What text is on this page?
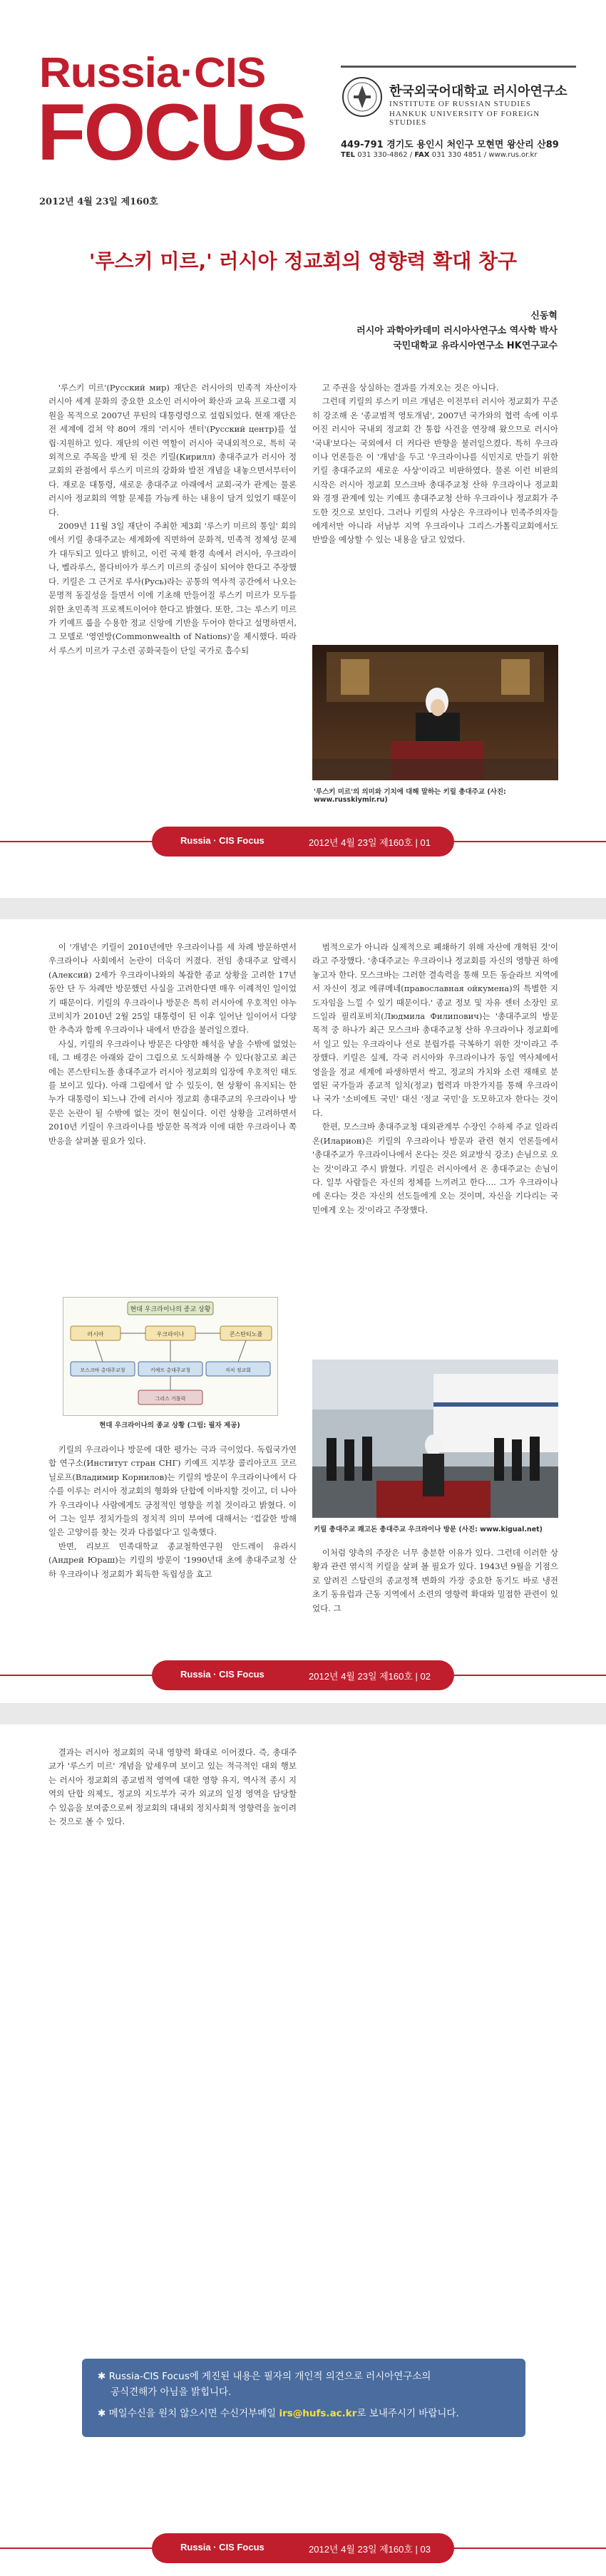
Russia·CIS
FOCUS	한국외국어대학교 러시아연구소
INSTITUTE OF RUSSIAN STUDIES
HANKUK UNIVERSITY OF FOREIGN STUDIES
449-791 경기도 용인시 처인구 모현면 왕산리 산89
TEL 031 330-4862 / FAX 031 330 4851 / www.rus.or.kr
2012년 4월 23일 제160호
'루스키 미르,' 러시아 정교회의 영향력 확대 창구
신동혁
러시아 과학아카데미 러시아사연구소 역사학 박사
국민대학교 유라시아연구소 HK연구교수

'루스키 미르'(Русский мир) 재단은 러시아의 민족적 자산이자 러시아 세계 문화의 중요한 요소인 러시아어 확산과 교육 프로그램 지원을 목적으로 2007년 푸틴의 대통령령으로 설립되었다. 현재 재단은 전 세계에 걸쳐 약 80여 개의 '러시아 센터'(Русский центр)를 설립·지원하고 있다. 재단의 이런 역할이 러시아 국내외적으로, 특히 국외적으로 주목을 받게 된 것은 키릴(Кирилл) 총대주교가 러시아 정교회의 관점에서 루스키 미르의 강화와 발전 개념을 내놓으면서부터이다. 재로운 대통령, 새로운 총대주교 아래에서 교회-국가 관계는 물론 러시아 정교회의 역할 문제를 가늠케 하는 내용이 담겨 있었기 때문이다.

2009년 11월 3일 재단이 주최한 제3회 '루스키 미르의 통일' 회의에서 키릴 총대주교는 세계화에 직면하여 문화적, 민족적 정체성 문제가 대두되고 있다고 밝히고, 이런 국제 환경 속에서 러시아, 우크라이나, 벨라루스, 몰다비아가 루스키 미르의 중심이 되어야 한다고 주장했다. 키릴은 그 근거로 루사(Русь)라는 공통의 역사적 공간에서 나오는 문명적 동질성을 들면서 이에 기초해 만들어질 루스키 미르가 모두를 위한 초민족적 프로젝트이어야 한다고 밝혔다. 또한, 그는 루스키 미르가 키예프 룹을 수용한 정교 신앙에 기반을 두어야 한다고 설명하면서, 그 모델로 '영연방(Commonwealth of Nations)'을 제시했다. 따라서 루스키 미르가 구소련 공화국들이 단일 국가로 흡수되

고 주권을 상실하는 결과를 가져오는 것은 아니다.

그런데 키릴의 루스키 미르 개념은 이전부터 러시아 정교회가 꾸준히 강조해 온 '종교범적 영토개념', 2007년 국가와의 협력 속에 이루어진 러시아 국내외 정교회 간 통합 사건을 연장해 왔으므로 러시아 '국내'보다는 국외에서 더 커다란 반향을 불러일으켰다. 특히 우크라이나 언론들은 이 '개념'을 두고 '우크라이나를 식민지로 만들기 위한 키릴 총대주교의 새로운 사상'이라고 비판하였다. 물론 이런 비판의 시작은 러시아 정교회 모스크바 총대주교청 산하 우크라이나 정교회와 경쟁 관계에 있는 키예프 총대주교청 산하 우크라이나 정교회가 주도한 것으로 보인다. 그러나 키릴의 사상은 우크라이나 민족주의자들에게서만 아니라 서남부 지역 우크라이나 그리스-가톨릭교회에서도 반발을 예상할 수 있는 내용을 담고 있었다.

'루스키 미르'의 의미와 기치에 대해 말하는 키릴 총대주교 (사진: www.russkiymir.ru)
Russia · CIS Focus	2012년 4월 23일 제160호 | 01

이 '개념'은 키릴이 2010년에만 우크라이나를 세 차례 방문하면서 우크라이나 사회에서 논란이 더욱더 커졌다. 전임 총대주교 알렉시(Алексий) 2세가 우크라이나와의 복잡한 종교 상황을 고려한 17년 동안 단 두 차례만 방문했던 사실을 고려한다면 매우 이례적인 일이었기 때문이다. 키릴의 우크라이나 방문은 특히 러시아에 우호적인 야누코비치가 2010년 2월 25일 대통령이 된 이후 일어난 일이어서 다양한 추측과 함께 우크라이나 내에서 반감을 불러일으켰다.

사실, 키릴의 우크라이나 방문은 다양한 해석을 낳을 수밖에 없었는데, 그 배경은 아래와 같이 그림으로 도식화해볼 수 있다(참고로 최근에는 콘스탄티노플 총대주교가 러시아 정교회의 입장에 우호적인 태도를 보이고 있다). 아래 그림에서 알 수 있듯이, 현 상황이 유지되는 한 누가 대통령이 되느냐 간에 러시아 정교회 총대주교의 우크라이나 방문은 논란이 될 수밖에 없는 것이 현실이다. 이런 상황을 고려하면서 2010년 키릴이 우크라이나를 방문한 목적과 이에 대한 우크라이나 쪽 반응을 살펴볼 필요가 있다.

현대 우크라이나의 종교 상황
러시아	우크라이나	콘스탄티노플
모스크바 총대주교청	키예프 총대주교청	자치 정교회
그리스 가톨릭
현대 우크라이나의 종교 상황 (그림: 필자 제공)

키릴의 우크라이나 방문에 대한 평가는 극과 극이었다. 독립국가연합 연구소(Институт стран СНГ) 키예프 지부장 콜리아코프 코르닐로프(Владимир Корнилов)는 키릴의 방문이 우크라이나에서 다수를 이루는 러시아 정교회의 형화와 단합에 이바지할 것이고, 더 나아가 우크라이나 사람에게도 긍정적인 영향을 끼칠 것이라고 밝혔다. 이어 그는 일부 정치가들의 정치적 의미 부여에 대해서는 '컵갈한 방해 일은 고양이를 찾는 것과 다름없다'고 일축했다.

반면, 리보프 민족대학교 종교철학연구원 안드레이 유라시(Андрей Юраш)는 키릴의 방문이 '1990년대 초에 총대주교청 산하 우크라이나 정교회가 획득한 독립성을 효고

범적으로가 아니라 실제적으로 폐쇄하기 위해 자산에 개혁된 것'이라고 주장했다. '총대주교는 우크라이나 정교회를 자신의 영향권 하에 놓고자 한다. 모스크바는 그러한 결속력을 통해 모든 동슬라브 지역에서 자신이 정교 에큐메네(православная ойкумена)의 특별한 지도자임을 느낄 수 있기 때문이다.' 종교 정보 및 자유 센터 소장인 로드일라 필리포비치(Людмила Филипович)는 '총대주교의 방문 목적 중 하나가 최근 모스크바 총대주교청 산하 우크라이나 정교회에서 일고 있는 우크라이나 선로 분립가를 극복하기 위한 것'이라고 주장했다. 키릴은 실제, 각국 러시아와 우크라이나가 동일 역사체에서 영을을 정교 세계에 파생하면서 싹고, 정교의 가치와 소련 재해로 분열된 국가들과 종교적 일치(정교) 협력과 마찬가지를 통해 우크라이나 국가 '소비에트 국민' 대신 '정교 국민'을 도모하고자 한다는 것이다.

한편, 모스크바 총대주교청 대외관계부 수장인 수하제 주교 일라리온(Иларион)은 키릴의 우크라이나 방문과 관련 현지 언론들에서 '총대주교가 우크라이나에서 온다는 것은 외교방식 강조) 손님으로 오는 것'이라고 주시 밝혔다. 키릴은 러시아에서 온 총대주교는 손님이다. 일부 사람들은 자신의 정체를 느끼려고 한다.... 그가 우크라이나에 온다는 것은 자신의 선도들에게 오는 것이며, 자신을 기다리는 국민에게 오는 것'이라고 주장했다.

키릴 총대주교 쾌고돈 총대주교 우크라이나 방문 (사진: www.kigual.net)

이처럼 양측의 주장은 너무 충분한 이유가 있다. 그런데 이러한 상황과 관련 엮시적 키릴을 살펴 볼 필요가 있다. 1943년 9월을 기점으로 알려진 스탈린의 종교정책 변화의 가장 중요한 동기도 바로 냉전 초기 동유럽과 근동 지역에서 소련의 영향력 확대와 밀접한 관련이 있었다. 그

Russia · CIS Focus	2012년 4월 23일 제160호 | 02

결과는 러시아 정교회의 국내 영향력 확대로 이어졌다. 즉, 총대주교가 '루스키 미르' 개념을 앞세우며 보이고 있는 적극적인 대외 행보는 러시아 정교회의 종교범적 영역에 대한 영향 유지, 역사적 종시 지역의 단합 의제도, 정교의 지도부가 국가 외교의 일정 영역을 담당할 수 있음을 보여줌으로써 정교회의 대내외 정치사회적 영향력을 높이려는 것으로 볼 수 있다.

✱ Russia-CIS Focus에 게진된 내용은 필자의 개인적 의견으로 러시아연구소의
공식견해가 아님을 밝힙니다.
✱ 메일수신을 원치 않으시면 수신거부메일 irs@hufs.ac.kr로 보내주시기 바랍니다.
Russia · CIS Focus	2012년 4월 23일 제160호 | 03
